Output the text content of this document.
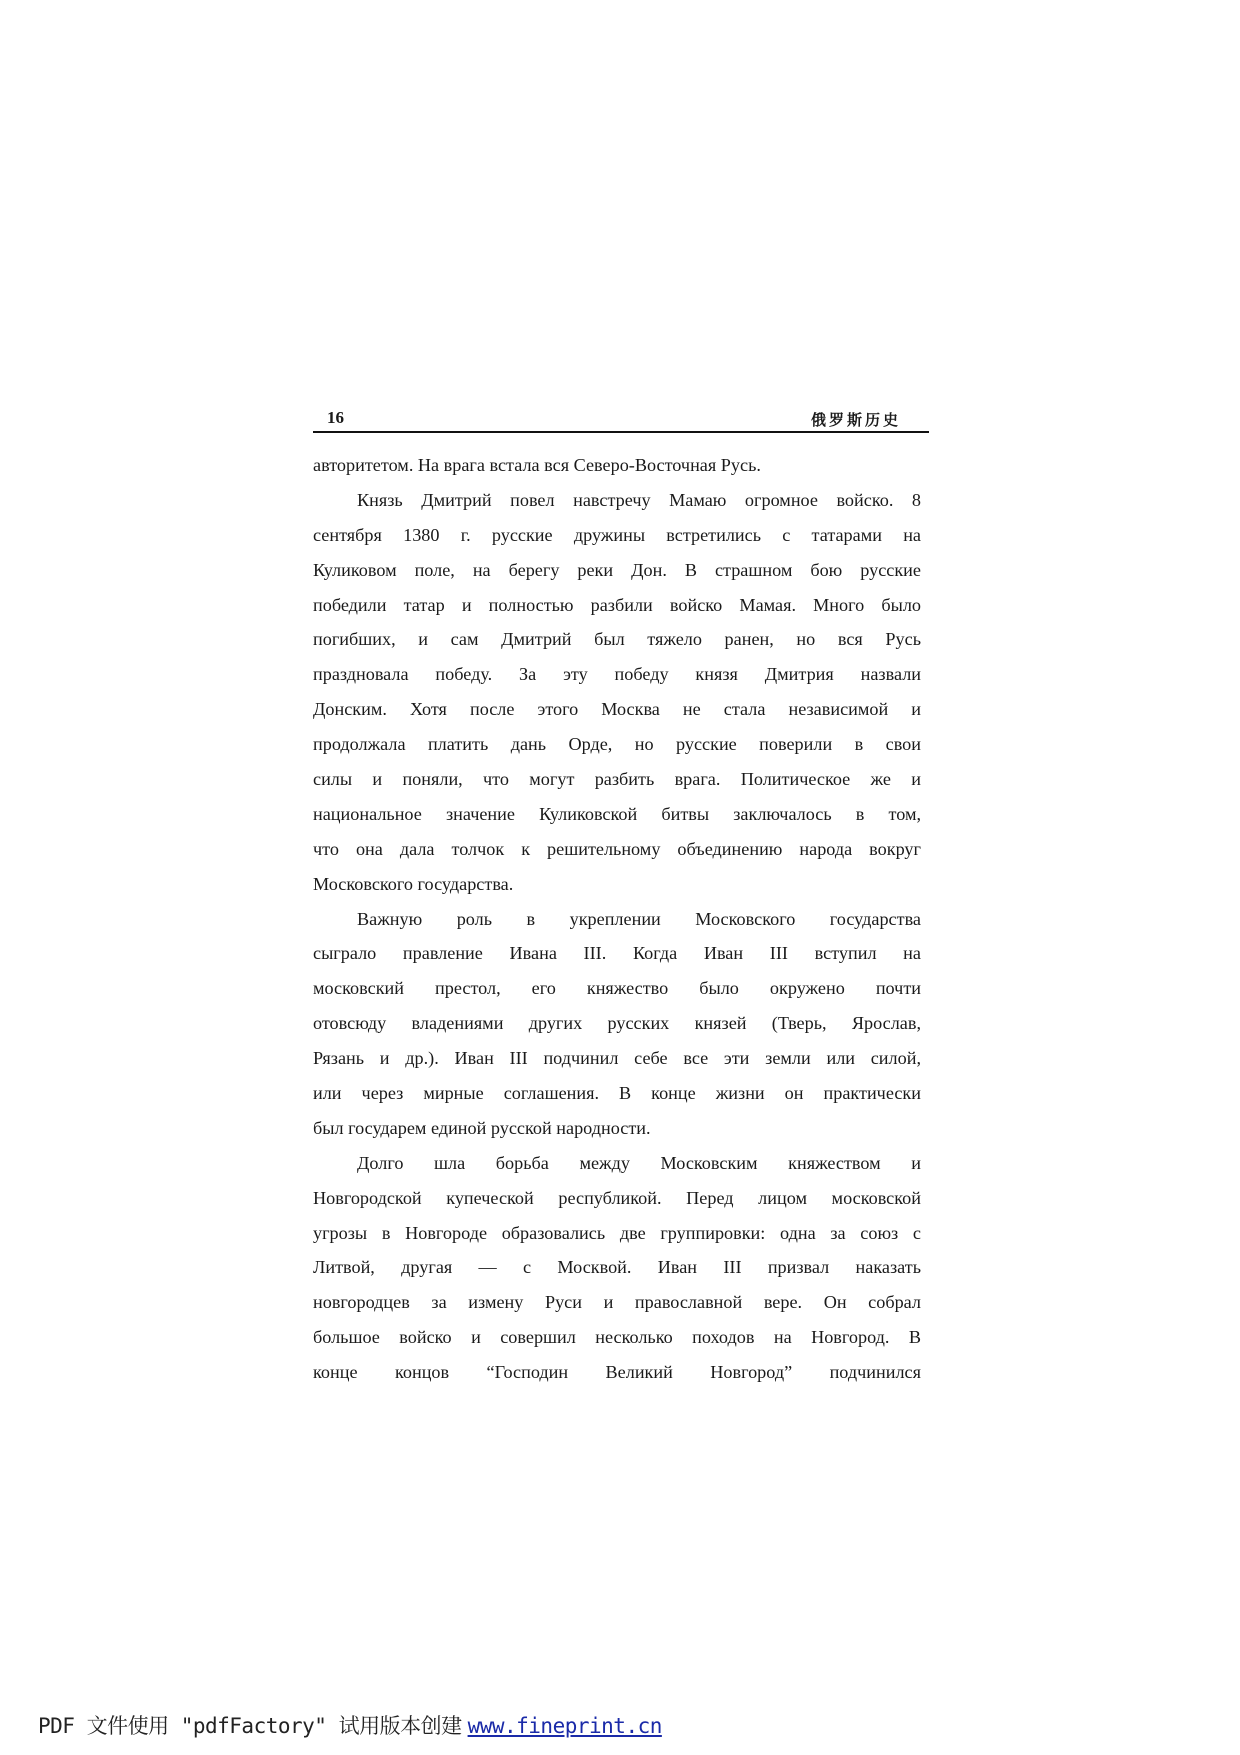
16	俄罗斯历史
авторитетом. На врага встала вся Северо-Восточная Русь.
Князь Дмитрий повел навстречу Мамаю огромное войско. 8
сентября 1380 г. русские дружины встретились с татарами на
Куликовом поле, на берегу реки Дон. В страшном бою русские
победили татар и полностью разбили войско Мамая. Много было
погибших, и сам Дмитрий был тяжело ранен, но вся Русь
праздновала победу. За эту победу князя Дмитрия назвали
Донским. Хотя после этого Москва не стала независимой и
продолжала платить дань Орде, но русские поверили в свои
силы и поняли, что могут разбить врага. Политическое же и
национальное значение Куликовской битвы заключалось в том,
что она дала толчок к решительному объединению народа вокруг
Московского государства.
Важную роль в укреплении Московского государства
сыграло правление Ивана III. Когда Иван III вступил на
московский престол, его княжество было окружено почти
отовсюду владениями других русских князей (Тверь, Ярослав,
Рязань и др.). Иван III подчинил себе все эти земли или силой,
или через мирные соглашения. В конце жизни он практически
был государем единой русской народности.
Долго шла борьба между Московским княжеством и
Новгородской купеческой республикой. Перед лицом московской
угрозы в Новгороде образовались две группировки: одна за союз с
Литвой, другая — с Москвой. Иван III призвал наказать
новгородцев за измену Руси и православной вере. Он собрал
большое войско и совершил несколько походов на Новгород. В
конце концов “Господин Великий Новгород” подчинился
PDF 文件使用 "pdfFactory" 试用版本创建 www.fineprint.cn
